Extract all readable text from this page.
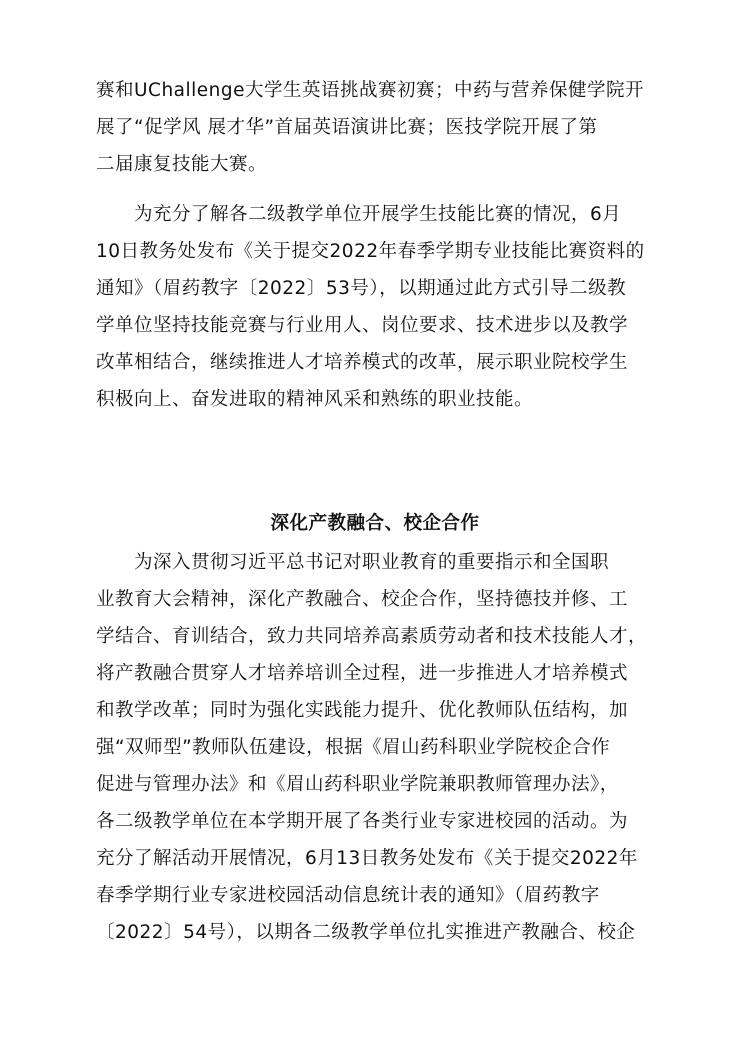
赛和UChallenge大学生英语挑战赛初赛；中药与营养保健学院开
展了“促学风 展才华”首届英语演讲比赛；医技学院开展了第
二届康复技能大赛。
为充分了解各二级教学单位开展学生技能比赛的情况，6月
10日教务处发布《关于提交2022年春季学期专业技能比赛资料的
通知》（眉药教字〔2022〕53号），以期通过此方式引导二级教
学单位坚持技能竞赛与行业用人、岗位要求、技术进步以及教学
改革相结合，继续推进人才培养模式的改革，展示职业院校学生
积极向上、奋发进取的精神风采和熟练的职业技能。
深化产教融合、校企合作
为深入贯彻习近平总书记对职业教育的重要指示和全国职
业教育大会精神，深化产教融合、校企合作，坚持德技并修、工
学结合、育训结合，致力共同培养高素质劳动者和技术技能人才，
将产教融合贯穿人才培养培训全过程，进一步推进人才培养模式
和教学改革；同时为强化实践能力提升、优化教师队伍结构，加
强“双师型”教师队伍建设，根据《眉山药科职业学院校企合作
促进与管理办法》和《眉山药科职业学院兼职教师管理办法》，
各二级教学单位在本学期开展了各类行业专家进校园的活动。为
充分了解活动开展情况，6月13日教务处发布《关于提交2022年
春季学期行业专家进校园活动信息统计表的通知》（眉药教字
〔2022〕54号），以期各二级教学单位扎实推进产教融合、校企
